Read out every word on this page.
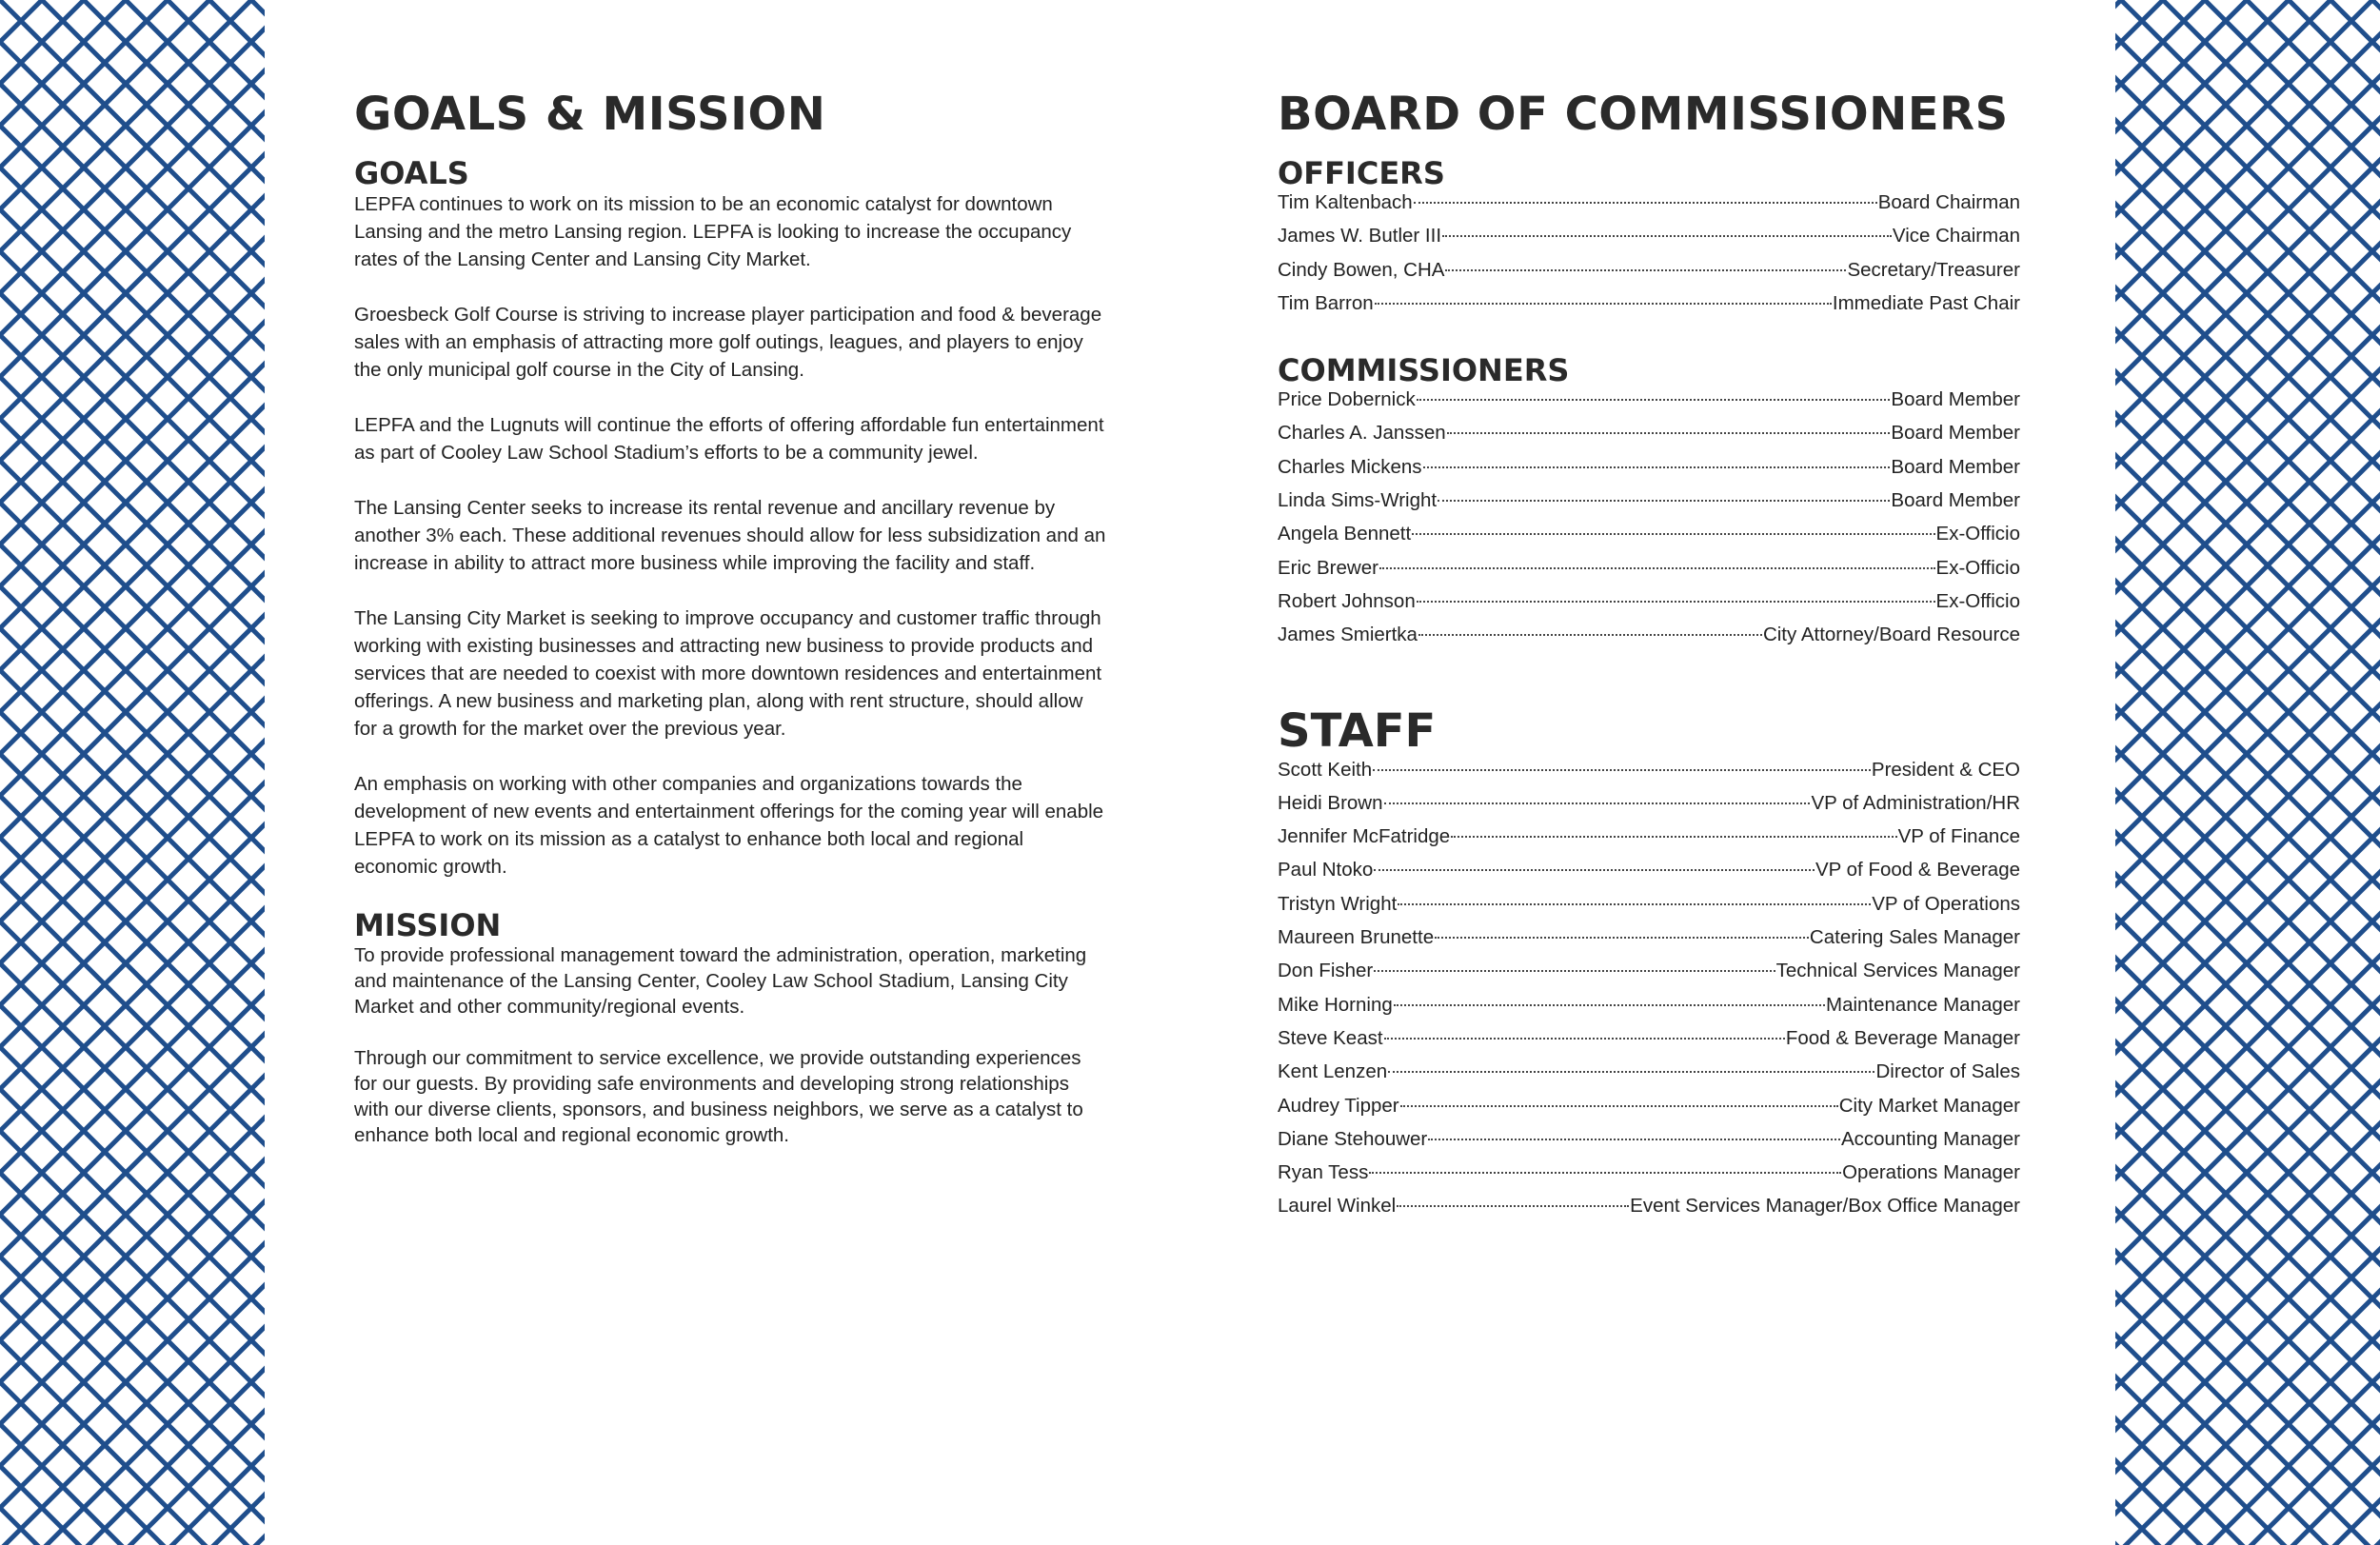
GOALS & MISSION
GOALS

LEPFA continues to work on its mission to be an economic catalyst for downtown Lansing and the metro Lansing region. LEPFA is looking to increase the occupancy rates of the Lansing Center and Lansing City Market.

Groesbeck Golf Course is striving to increase player participation and food & beverage sales with an emphasis of attracting more golf outings, leagues, and players to enjoy the only municipal golf course in the City of Lansing.

LEPFA and the Lugnuts will continue the efforts of offering affordable fun entertainment as part of Cooley Law School Stadium’s efforts to be a community jewel.

The Lansing Center seeks to increase its rental revenue and ancillary revenue by another 3% each. These additional revenues should allow for less subsidization and an increase in ability to attract more business while improving the facility and staff.

The Lansing City Market is seeking to improve occupancy and customer traffic through working with existing businesses and attracting new business to provide products and services that are needed to coexist with more downtown residences and entertainment offerings. A new business and marketing plan, along with rent structure, should allow for a growth for the market over the previous year.

An emphasis on working with other companies and organizations towards the development of new events and entertainment offerings for the coming year will enable LEPFA to work on its mission as a catalyst to enhance both local and regional economic growth.

MISSION

To provide professional management toward the administration, operation, marketing and maintenance of the Lansing Center, Cooley Law School Stadium, Lansing City Market and other community/regional events.

Through our commitment to service excellence, we provide outstanding experiences for our guests. By providing safe environments and developing strong relationships with our diverse clients, sponsors, and business neighbors, we serve as a catalyst to enhance both local and regional economic growth.

BOARD OF COMMISSIONERS
OFFICERS
Tim Kaltenbach	Board Chairman
James W. Butler III	Vice Chairman
Cindy Bowen, CHA	Secretary/Treasurer
Tim Barron	Immediate Past Chair
COMMISSIONERS
Price Dobernick	Board Member
Charles A. Janssen	Board Member
Charles Mickens	Board Member
Linda Sims-Wright	Board Member
Angela Bennett	Ex-Officio
Eric Brewer	Ex-Officio
Robert Johnson	Ex-Officio
James Smiertka	City Attorney/Board Resource
STAFF
Scott Keith	President & CEO
Heidi Brown	VP of Administration/HR
Jennifer McFatridge	VP of Finance
Paul Ntoko	VP of Food & Beverage
Tristyn Wright	VP of Operations
Maureen Brunette	Catering Sales Manager
Don Fisher	Technical Services Manager
Mike Horning	Maintenance Manager
Steve Keast	Food & Beverage Manager
Kent Lenzen	Director of Sales
Audrey Tipper	City Market Manager
Diane Stehouwer	Accounting Manager
Ryan Tess	Operations Manager
Laurel Winkel	Event Services Manager/Box Office Manager
